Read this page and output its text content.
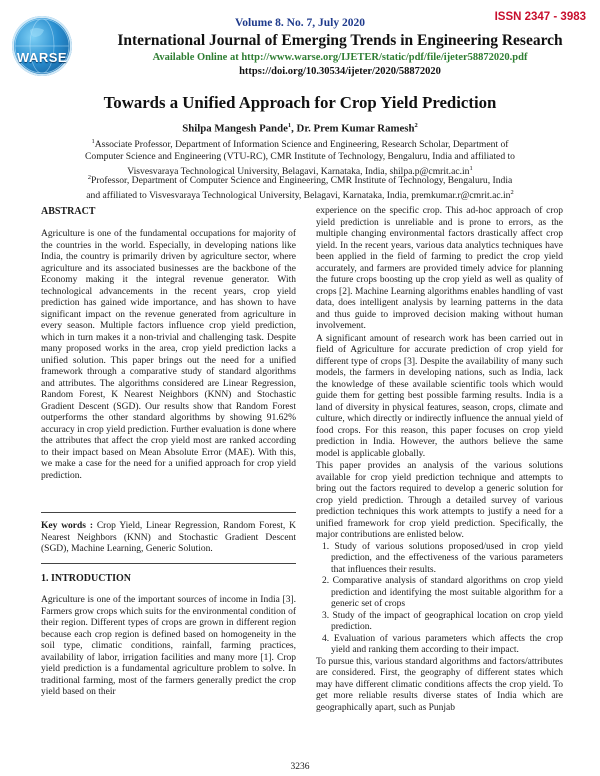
WARSE
ISSN 2347 - 3983
Volume 8. No. 7, July 2020
International Journal of Emerging Trends in Engineering Research
Available Online at http://www.warse.org/IJETER/static/pdf/file/ijeter58872020.pdf
https://doi.org/10.30534/ijeter/2020/58872020
Towards a Unified Approach for Crop Yield Prediction
Shilpa Mangesh Pande$^1$, Dr. Prem Kumar Ramesh$^2$
$^1$Associate Professor, Department of Information Science and Engineering, Research Scholar, Department of
Computer Science and Engineering (VTU-RC), CMR Institute of Technology, Bengaluru, India and affiliated to
Visvesvaraya Technological University, Belagavi, Karnataka, India, $shilpa.p@cmrit.ac.in^1$
$^2$Professor, Department of Computer Science and Engineering, CMR Institute of Technology, Bengaluru, India
and affiliated to Visvesvaraya Technological University, Belagavi, Karnataka, India, $premkumar.r@cmrit.ac.in^2$
ABSTRACT

Agriculture is one of the fundamental occupations for majority of the countries in the world. Especially, in developing nations like India, the country is primarily driven by agriculture sector, where agriculture and its associated businesses are the backbone of the Economy making it the integral revenue generator. With technological advancements in the recent years, crop yield prediction has gained wide importance, and has shown to have significant impact on the revenue generated from agriculture in every season. Multiple factors influence crop yield prediction, which in turn makes it a non-trivial and challenging task. Despite many proposed works in the area, crop yield prediction lacks a unified solution. This paper brings out the need for a unified framework through a comparative study of standard algorithms and attributes. The algorithms considered are Linear Regression, Random Forest, K Nearest Neighbors (KNN) and Stochastic Gradient Descent (SGD). Our results show that Random Forest outperforms the other standard algorithms by showing 91.62% accuracy in crop yield prediction. Further evaluation is done where the attributes that affect the crop yield most are ranked according to their impact based on Mean Absolute Error (MAE). With this, we make a case for the need for a unified approach for crop yield prediction.

Key words : Crop Yield, Linear Regression, Random Forest, K Nearest Neighbors (KNN) and Stochastic Gradient Descent (SGD), Machine Learning, Generic Solution.

1. INTRODUCTION

Agriculture is one of the important sources of income in India [3]. Farmers grow crops which suits for the environmental condition of their region. Different types of crops are grown in different region because each crop region is defined based on homogeneity in the soil type, climatic conditions, rainfall, farming practices, availability of labor, irrigation facilities and many more [1]. Crop yield prediction is a fundamental agriculture problem to solve. In traditional farming, most of the farmers generally predict the crop yield based on their

experience on the specific crop. This ad-hoc approach of crop yield prediction is unreliable and is prone to errors, as the multiple changing environmental factors drastically affect crop yield. In the recent years, various data analytics techniques have been applied in the field of farming to predict the crop yield accurately, and farmers are provided timely advice for planning the future crops boosting up the crop yield as well as quality of crops [2]. Machine Learning algorithms enables handling of vast data, does intelligent analysis by learning patterns in the data and thus guide to improved decision making without human involvement.

A significant amount of research work has been carried out in field of Agriculture for accurate prediction of crop yield for different type of crops [3]. Despite the availability of many such models, the farmers in developing nations, such as India, lack the knowledge of these available scientific tools which would guide them for getting best possible farming results. India is a land of diversity in physical features, season, crops, climate and culture, which directly or indirectly influence the annual yield of food crops. For this reason, this paper focuses on crop yield prediction in India. However, the authors believe the same model is applicable globally.

This paper provides an analysis of the various solutions available for crop yield prediction technique and attempts to bring out the factors required to develop a generic solution for crop yield prediction. Through a detailed survey of various prediction techniques this work attempts to justify a need for a unified framework for crop yield prediction. Specifically, the major contributions are enlisted below.

1. Study of various solutions proposed/used in crop yield prediction, and the effectiveness of the various parameters that influences their results.
2. Comparative analysis of standard algorithms on crop yield prediction and identifying the most suitable algorithm for a generic set of crops
3. Study of the impact of geographical location on crop yield prediction.
4. Evaluation of various parameters which affects the crop yield and ranking them according to their impact.

To pursue this, various standard algorithms and factors/attributes are considered. First, the geography of different states which may have different climatic conditions affects the crop yield. To get more reliable results diverse states of India which are geographically apart, such as Punjab

3236
